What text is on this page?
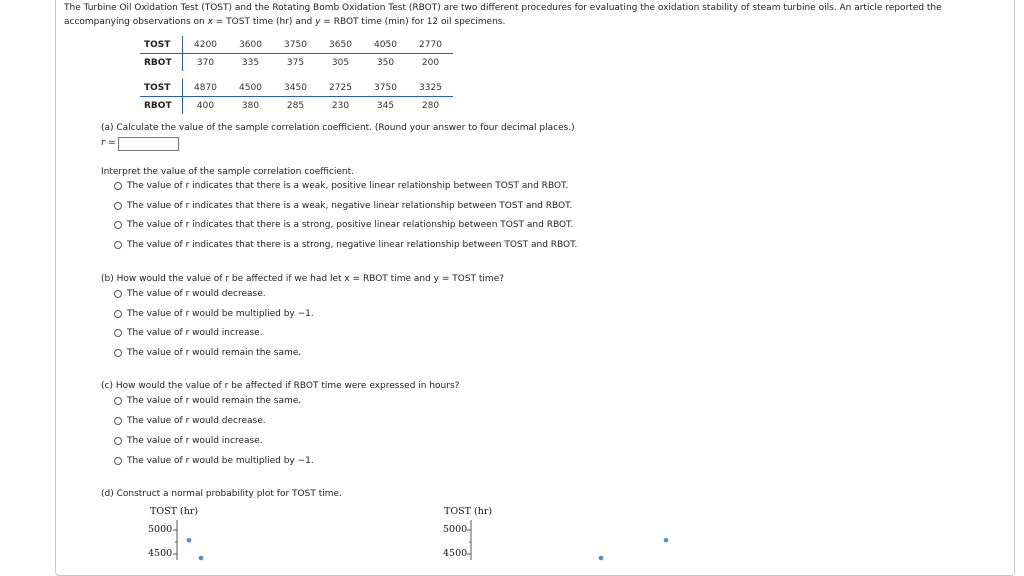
The Turbine Oil Oxidation Test (TOST) and the Rotating Bomb Oxidation Test (RBOT) are two different procedures for evaluating the oxidation stability of steam turbine oils. An article reported the
accompanying observations on x = TOST time (hr) and y = RBOT time (min) for 12 oil specimens.
TOST	4200	3600	3750	3650	4050	2770
RBOT	370	335	375	305	350	200
TOST	4870	4500	3450	2725	3750	3325
RBOT	400	380	285	230	345	280
(a) Calculate the value of the sample correlation coefficient. (Round your answer to four decimal places.)
r =
Interpret the value of the sample correlation coefficient.
The value of r indicates that there is a weak, positive linear relationship between TOST and RBOT.
The value of r indicates that there is a weak, negative linear relationship between TOST and RBOT.
The value of r indicates that there is a strong, positive linear relationship between TOST and RBOT.
The value of r indicates that there is a strong, negative linear relationship between TOST and RBOT.
(b) How would the value of r be affected if we had let x = RBOT time and y = TOST time?
The value of r would decrease.
The value of r would be multiplied by −1.
The value of r would increase.
The value of r would remain the same.
(c) How would the value of r be affected if RBOT time were expressed in hours?
The value of r would remain the same.
The value of r would decrease.
The value of r would increase.
The value of r would be multiplied by −1.
(d) Construct a normal probability plot for TOST time.
TOST (hr)
5000
4500
TOST (hr)
5000
4500
